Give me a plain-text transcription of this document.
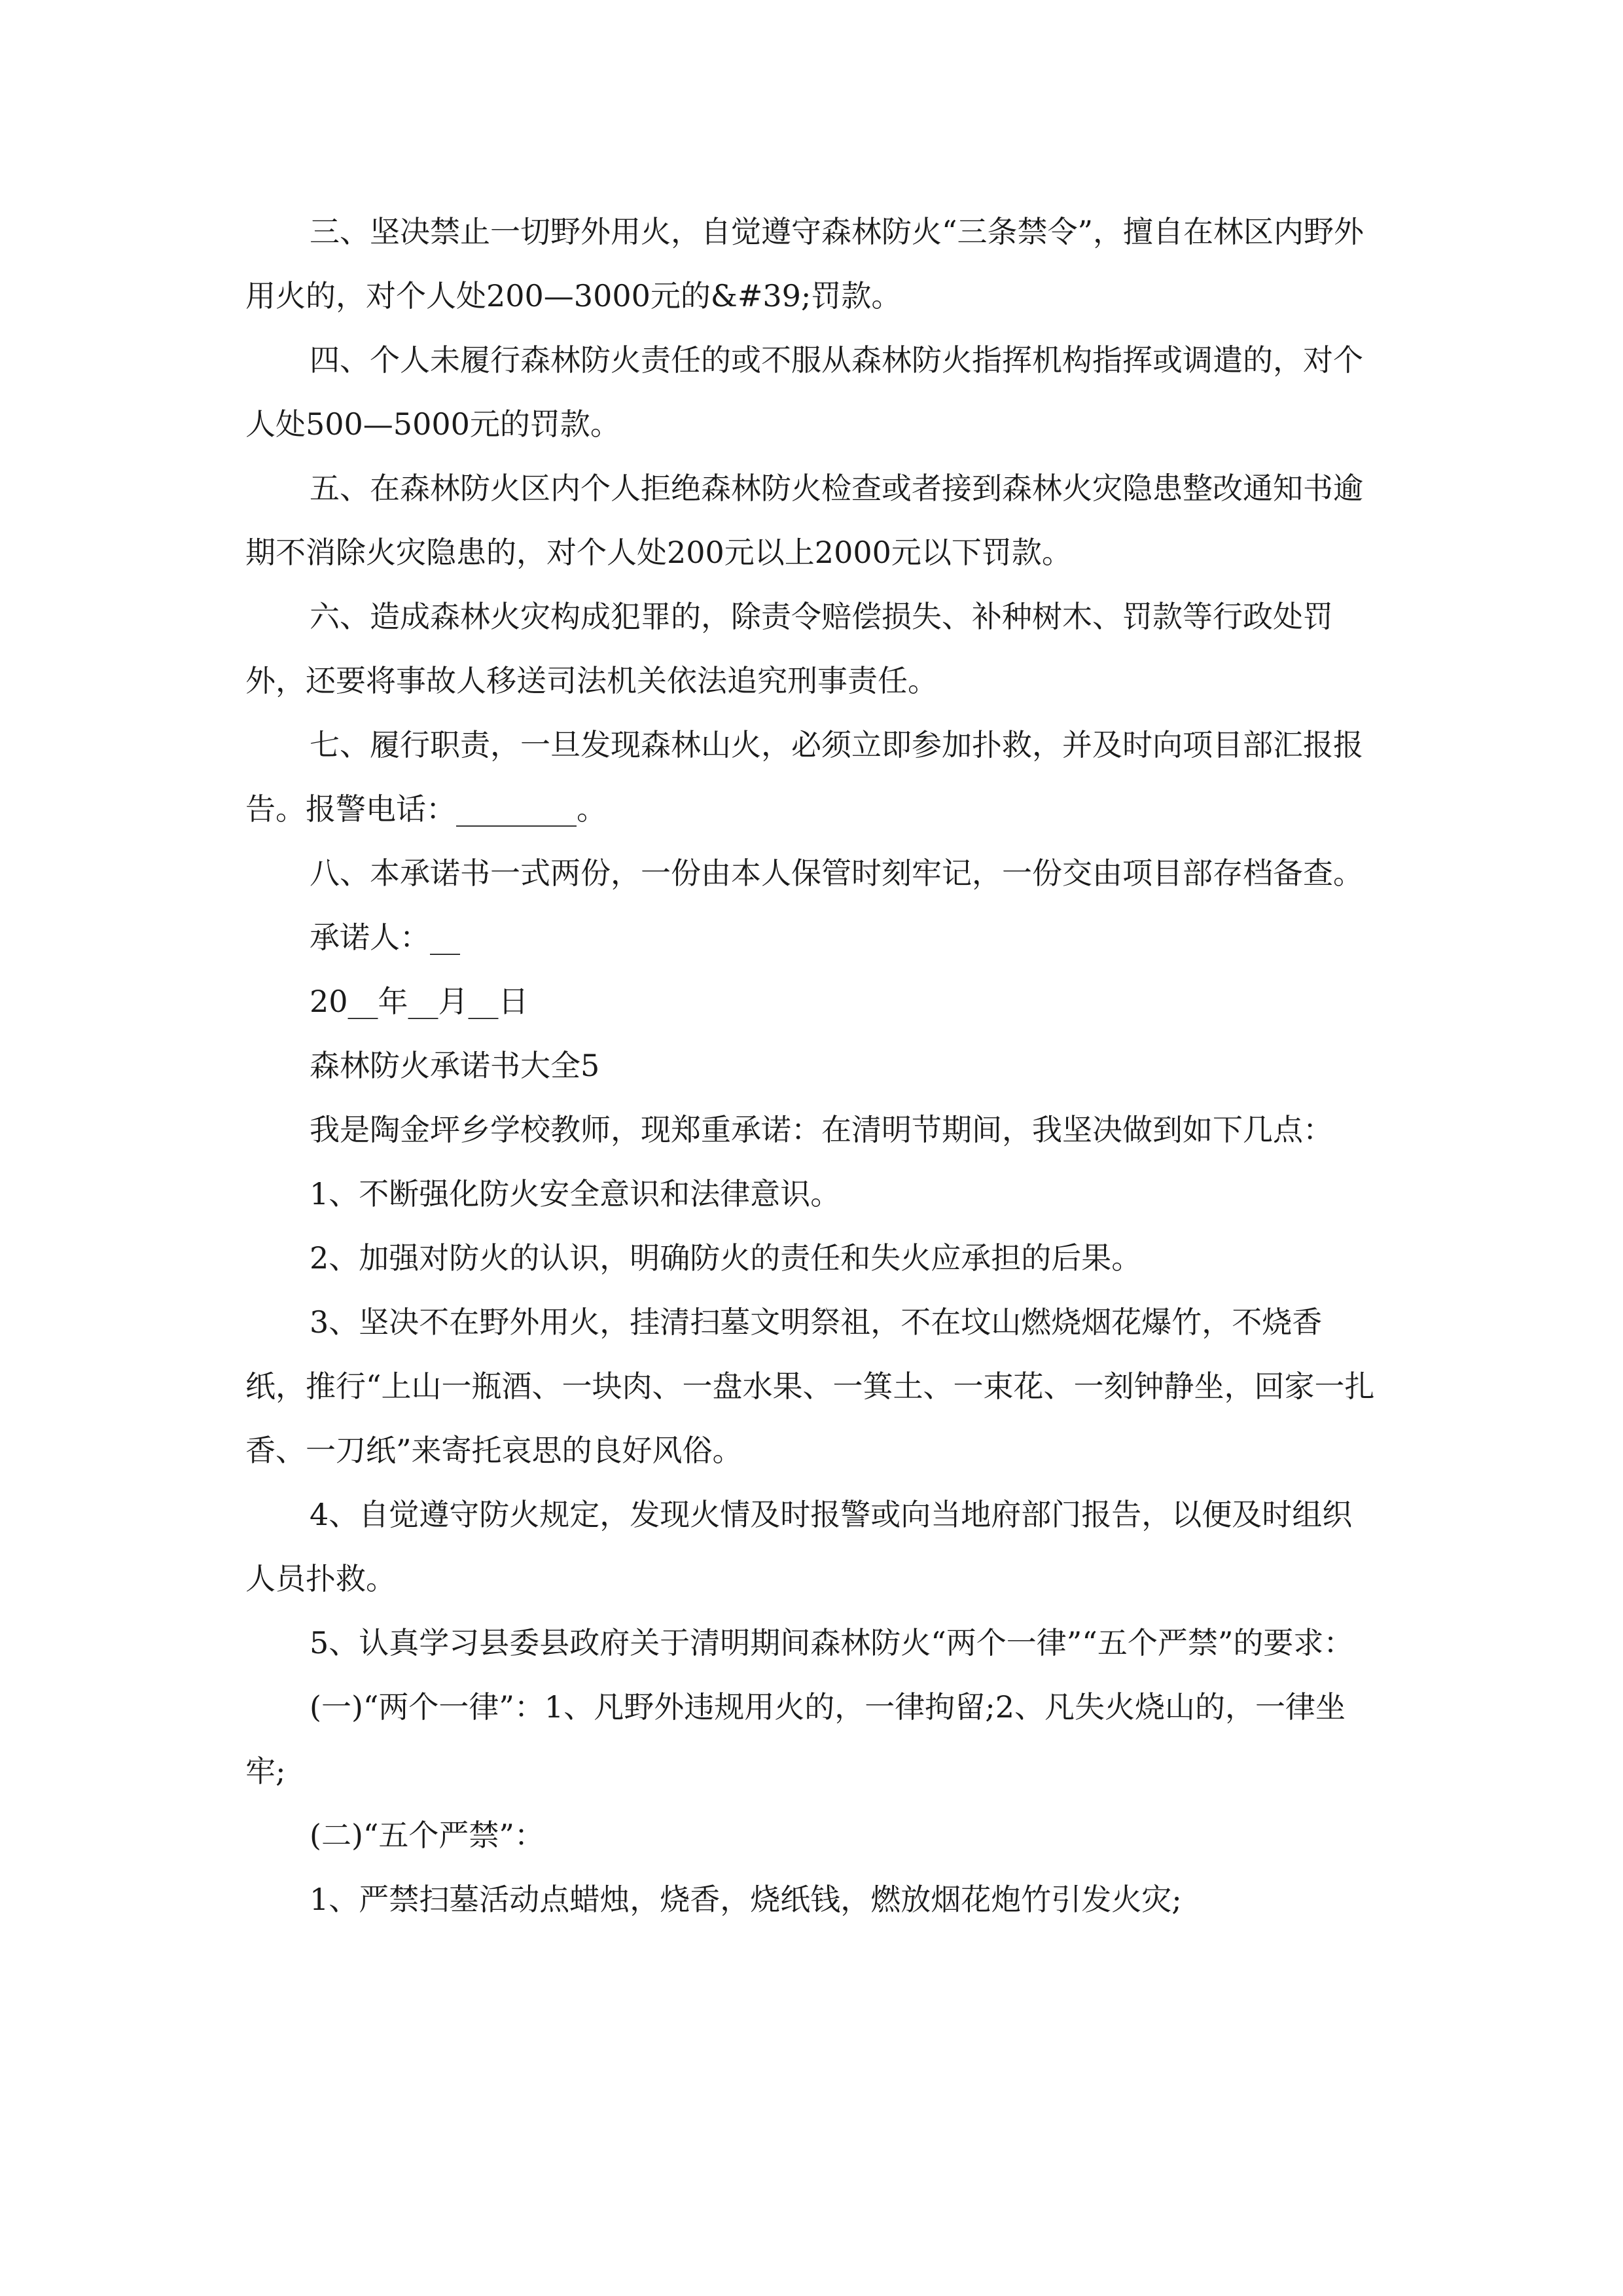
三、坚决禁止一切野外用火，自觉遵守森林防火“三条禁令”，擅自在林区内野外用火的，对个人处200—3000元的&#39;罚款。

四、个人未履行森林防火责任的或不服从森林防火指挥机构指挥或调遣的，对个人处500—5000元的罚款。

五、在森林防火区内个人拒绝森林防火检查或者接到森林火灾隐患整改通知书逾期不消除火灾隐患的，对个人处200元以上2000元以下罚款。

六、造成森林火灾构成犯罪的，除责令赔偿损失、补种树木、罚款等行政处罚外，还要将事故人移送司法机关依法追究刑事责任。

七、履行职责，一旦发现森林山火，必须立即参加扑救，并及时向项目部汇报报告。报警电话：________。

八、本承诺书一式两份，一份由本人保管时刻牢记，一份交由项目部存档备查。

承诺人：__

20__年__月__日

森林防火承诺书大全5

我是陶金坪乡学校教师，现郑重承诺：在清明节期间，我坚决做到如下几点：

1、不断强化防火安全意识和法律意识。

2、加强对防火的认识，明确防火的责任和失火应承担的后果。

3、坚决不在野外用火，挂清扫墓文明祭祖，不在坟山燃烧烟花爆竹，不烧香纸，推行“上山一瓶酒、一块肉、一盘水果、一箕土、一束花、一刻钟静坐，回家一扎香、一刀纸”来寄托哀思的良好风俗。

4、自觉遵守防火规定，发现火情及时报警或向当地府部门报告，以便及时组织人员扑救。

5、认真学习县委县政府关于清明期间森林防火“两个一律”“五个严禁”的要求：

(一)“两个一律”：1、凡野外违规用火的，一律拘留;2、凡失火烧山的，一律坐牢;

(二)“五个严禁”：

1、严禁扫墓活动点蜡烛，烧香，烧纸钱，燃放烟花炮竹引发火灾;
